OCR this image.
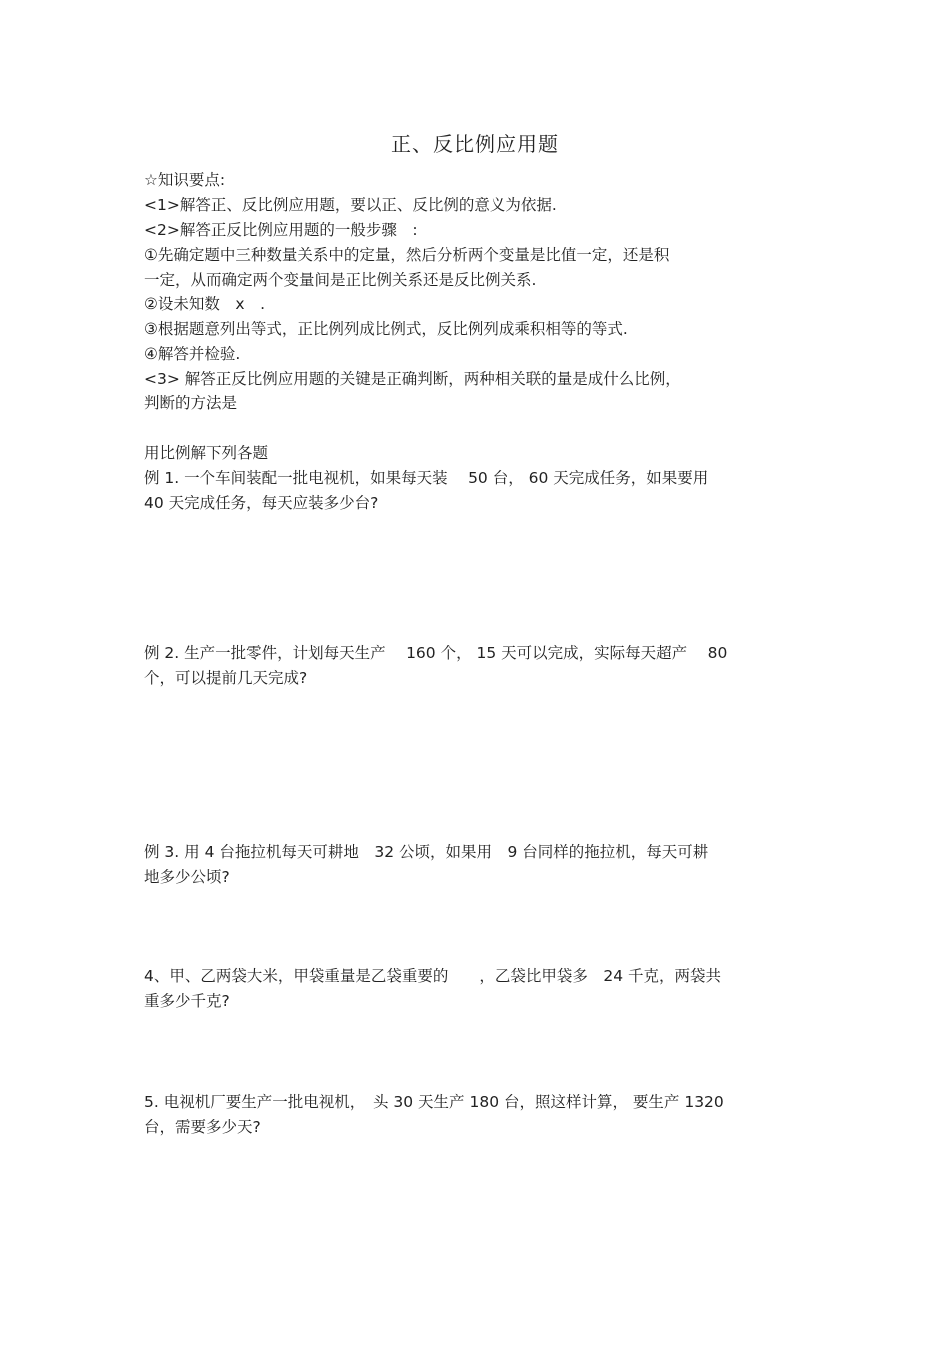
正、反比例应用题
☆知识要点:
<1>解答正、反比例应用题，要以正、反比例的意义为依据.
<2>解答正反比例应用题的一般步骤　:
①先确定题中三种数量关系中的定量，然后分析两个变量是比值一定，还是积
一定，从而确定两个变量间是正比例关系还是反比例关系.
②设未知数　x　.
③根据题意列出等式，正比例列成比例式，反比例列成乘积相等的等式.
④解答并检验.
<3> 解答正反比例应用题的关键是正确判断，两种相关联的量是成什么比例，
判断的方法是
用比例解下列各题
例 1. 一个车间装配一批电视机，如果每天装　 50 台， 60 天完成任务，如果要用
40 天完成任务，每天应装多少台?
例 2. 生产一批零件，计划每天生产　 160 个， 15 天可以完成，实际每天超产　 80
个，可以提前几天完成?
例 3. 用 4 台拖拉机每天可耕地　32 公顷，如果用　9 台同样的拖拉机，每天可耕
地多少公顷?
4、甲、乙两袋大米，甲袋重量是乙袋重要的　　，乙袋比甲袋多　24 千克，两袋共
重多少千克?
5. 电视机厂要生产一批电视机，　头 30 天生产 180 台，照这样计算， 要生产 1320
台，需要多少天?
